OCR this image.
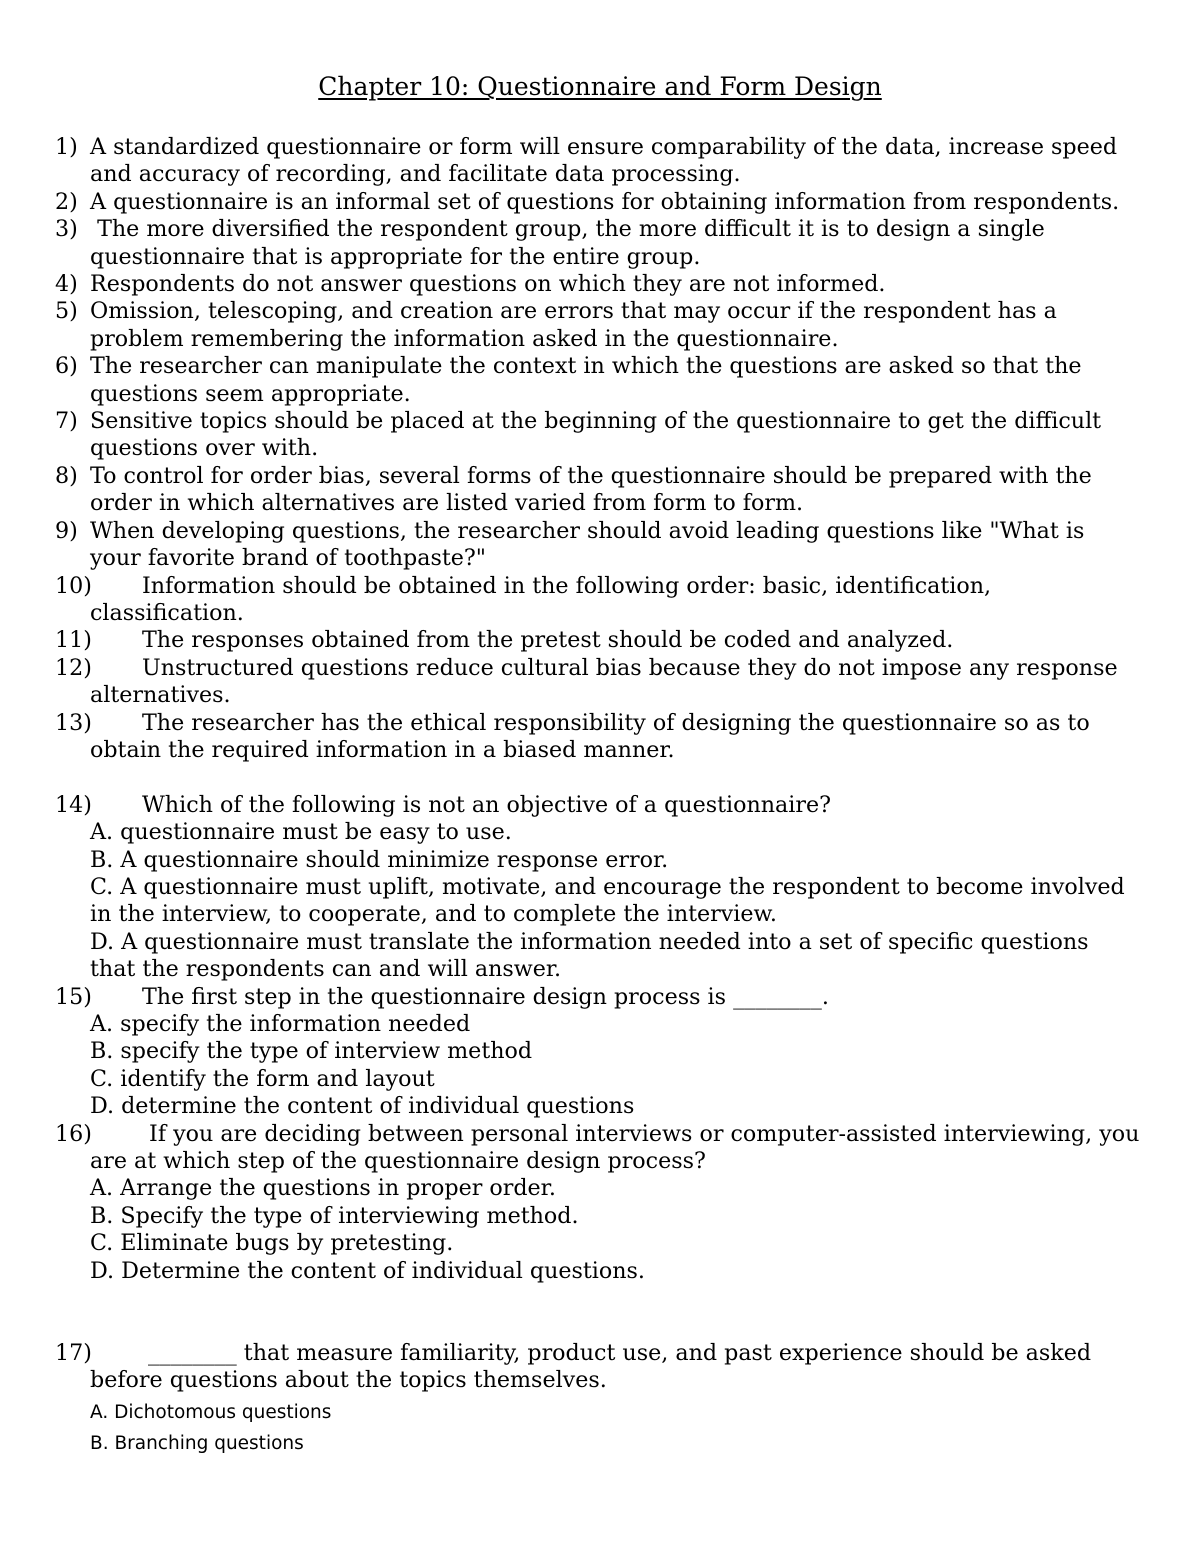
Chapter 10: Questionnaire and Form Design
1) A standardized questionnaire or form will ensure comparability of the data, increase speed and accuracy of recording, and facilitate data processing.
2) A questionnaire is an informal set of questions for obtaining information from respondents.
3) The more diversified the respondent group, the more difficult it is to design a single questionnaire that is appropriate for the entire group.
4) Respondents do not answer questions on which they are not informed.
5) Omission, telescoping, and creation are errors that may occur if the respondent has a problem remembering the information asked in the questionnaire.
6) The researcher can manipulate the context in which the questions are asked so that the questions seem appropriate.
7) Sensitive topics should be placed at the beginning of the questionnaire to get the difficult questions over with.
8) To control for order bias, several forms of the questionnaire should be prepared with the order in which alternatives are listed varied from form to form.
9) When developing questions, the researcher should avoid leading questions like "What is your favorite brand of toothpaste?"
10) Information should be obtained in the following order: basic, identification, classification.
11) The responses obtained from the pretest should be coded and analyzed.
12) Unstructured questions reduce cultural bias because they do not impose any response alternatives.
13) The researcher has the ethical responsibility of designing the questionnaire so as to obtain the required information in a biased manner.
14) Which of the following is not an objective of a questionnaire?
A. questionnaire must be easy to use.
B. A questionnaire should minimize response error.
C. A questionnaire must uplift, motivate, and encourage the respondent to become involved in the interview, to cooperate, and to complete the interview.
D. A questionnaire must translate the information needed into a set of specific questions that the respondents can and will answer.
15) The first step in the questionnaire design process is ________.
A. specify the information needed
B. specify the type of interview method
C. identify the form and layout
D. determine the content of individual questions
16) If you are deciding between personal interviews or computer-assisted interviewing, you are at which step of the questionnaire design process?
A. Arrange the questions in proper order.
B. Specify the type of interviewing method.
C. Eliminate bugs by pretesting.
D. Determine the content of individual questions.
17)	________ that measure familiarity, product use, and past experience should be asked before questions about the topics themselves.
A. Dichotomous questions
B. Branching questions
